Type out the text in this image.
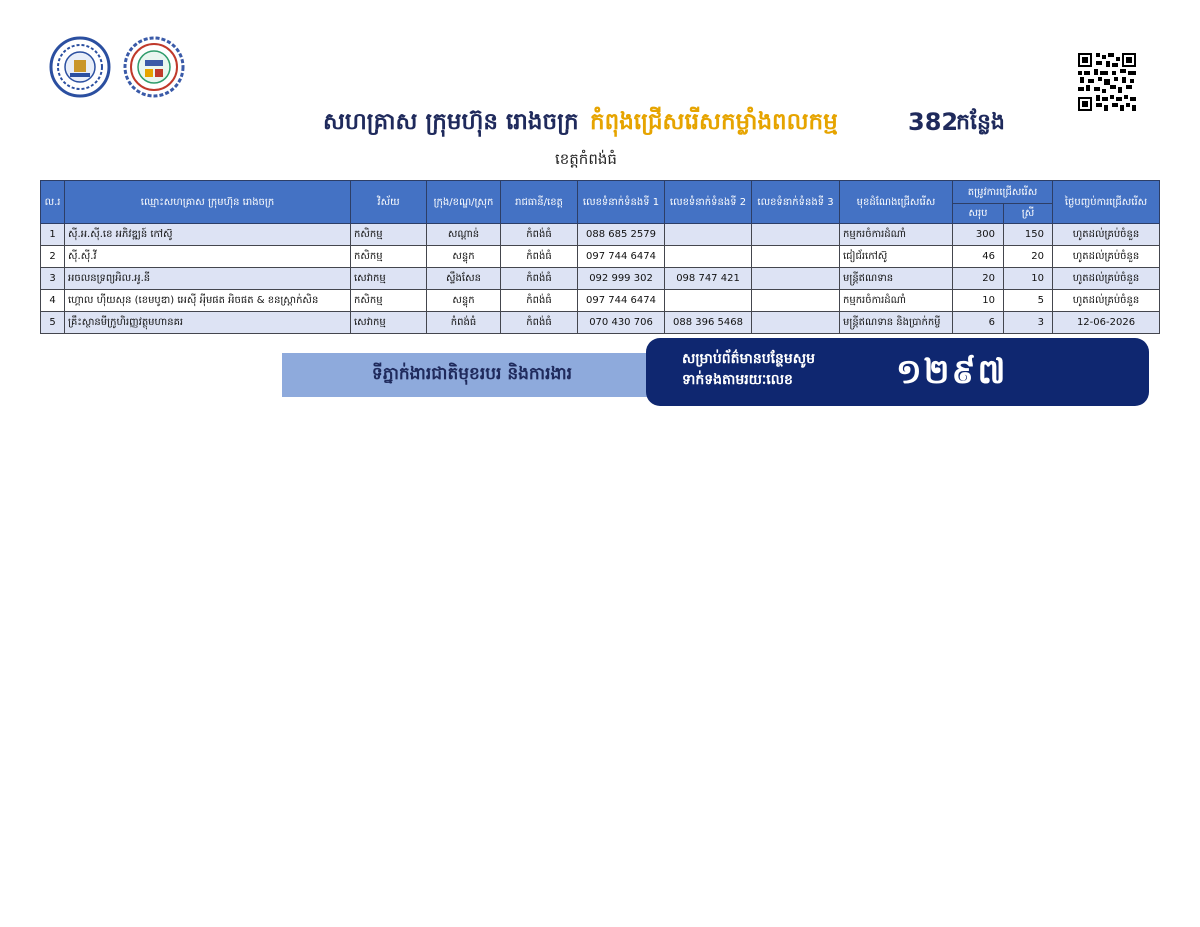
សហគ្រាស ក្រុមហ៊ុន រោងចក្រ កំពុងជ្រើសរើសកម្លាំងពលកម្ម	382
កន្លែង
ខេត្តកំពង់ធំ
ល.រ	ឈ្មោះសហគ្រាស ក្រុមហ៊ុន រោងចក្រ	វិស័យ	ក្រុង/ខណ្ឌ/ស្រុក	រាជធានី/ខេត្ត	លេខទំនាក់ទំនងទី 1	លេខទំនាក់ទំនងទី 2	លេខទំនាក់ទំនងទី 3	មុខដំណែងជ្រើសរើស	តម្រូវការជ្រើសរើស		ថ្ងៃបញ្ចប់ការជ្រើសរើស
									សរុប	ស្រី	
1	ស៊ី.អ.ស៊ី.ខេ អភិវឌ្ឍន៍ កៅស៊ូ	កសិកម្ម	សណ្ដាន់	កំពង់ធំ	088 685 2579			កម្មករចំការដំណាំ	300	150	ហូតដល់គ្រប់ចំនួន
2	ស៊ី.ស៊ី.វី	កសិកម្ម	សន្ទុក	កំពង់ធំ	097 744 6474			ជៀជ័រកៅស៊ូ	46	20	ហូតដល់គ្រប់ចំនួន
3	អចលនទ្រព្យអិល.អូ.នី	សេវាកម្ម	ស្ទឹងសែន	កំពង់ធំ	092 999 302	098 747 421		មន្ត្រីឥណទាន	20	10	ហូតដល់គ្រប់ចំនួន
4	ហ្គោល ហ៊ីយសុន (ខេមបូឌា) អេស៊ី អុីមផត អិចផត & ខនស្រ្តាក់សិន	កសិកម្ម	សន្ទុក	កំពង់ធំ	097 744 6474			កម្មករចំការដំណាំ	10	5	ហូតដល់គ្រប់ចំនួន
5	គ្រឹះស្ថានមីក្រូហិរញ្ញវត្ថុមហានគរ	សេវាកម្ម	កំពង់ធំ	កំពង់ធំ	070 430 706	088 396 5468		មន្ត្រីឥណទាន និងប្រាក់កម្ចី	6	3	12-06-2026
ទីភ្នាក់ងារជាតិមុខរបរ និងការងារ
សម្រាប់ព័ត៌មានបន្ថែមសូម
ទាក់ទងតាមរយៈលេខ	១២៩៧
